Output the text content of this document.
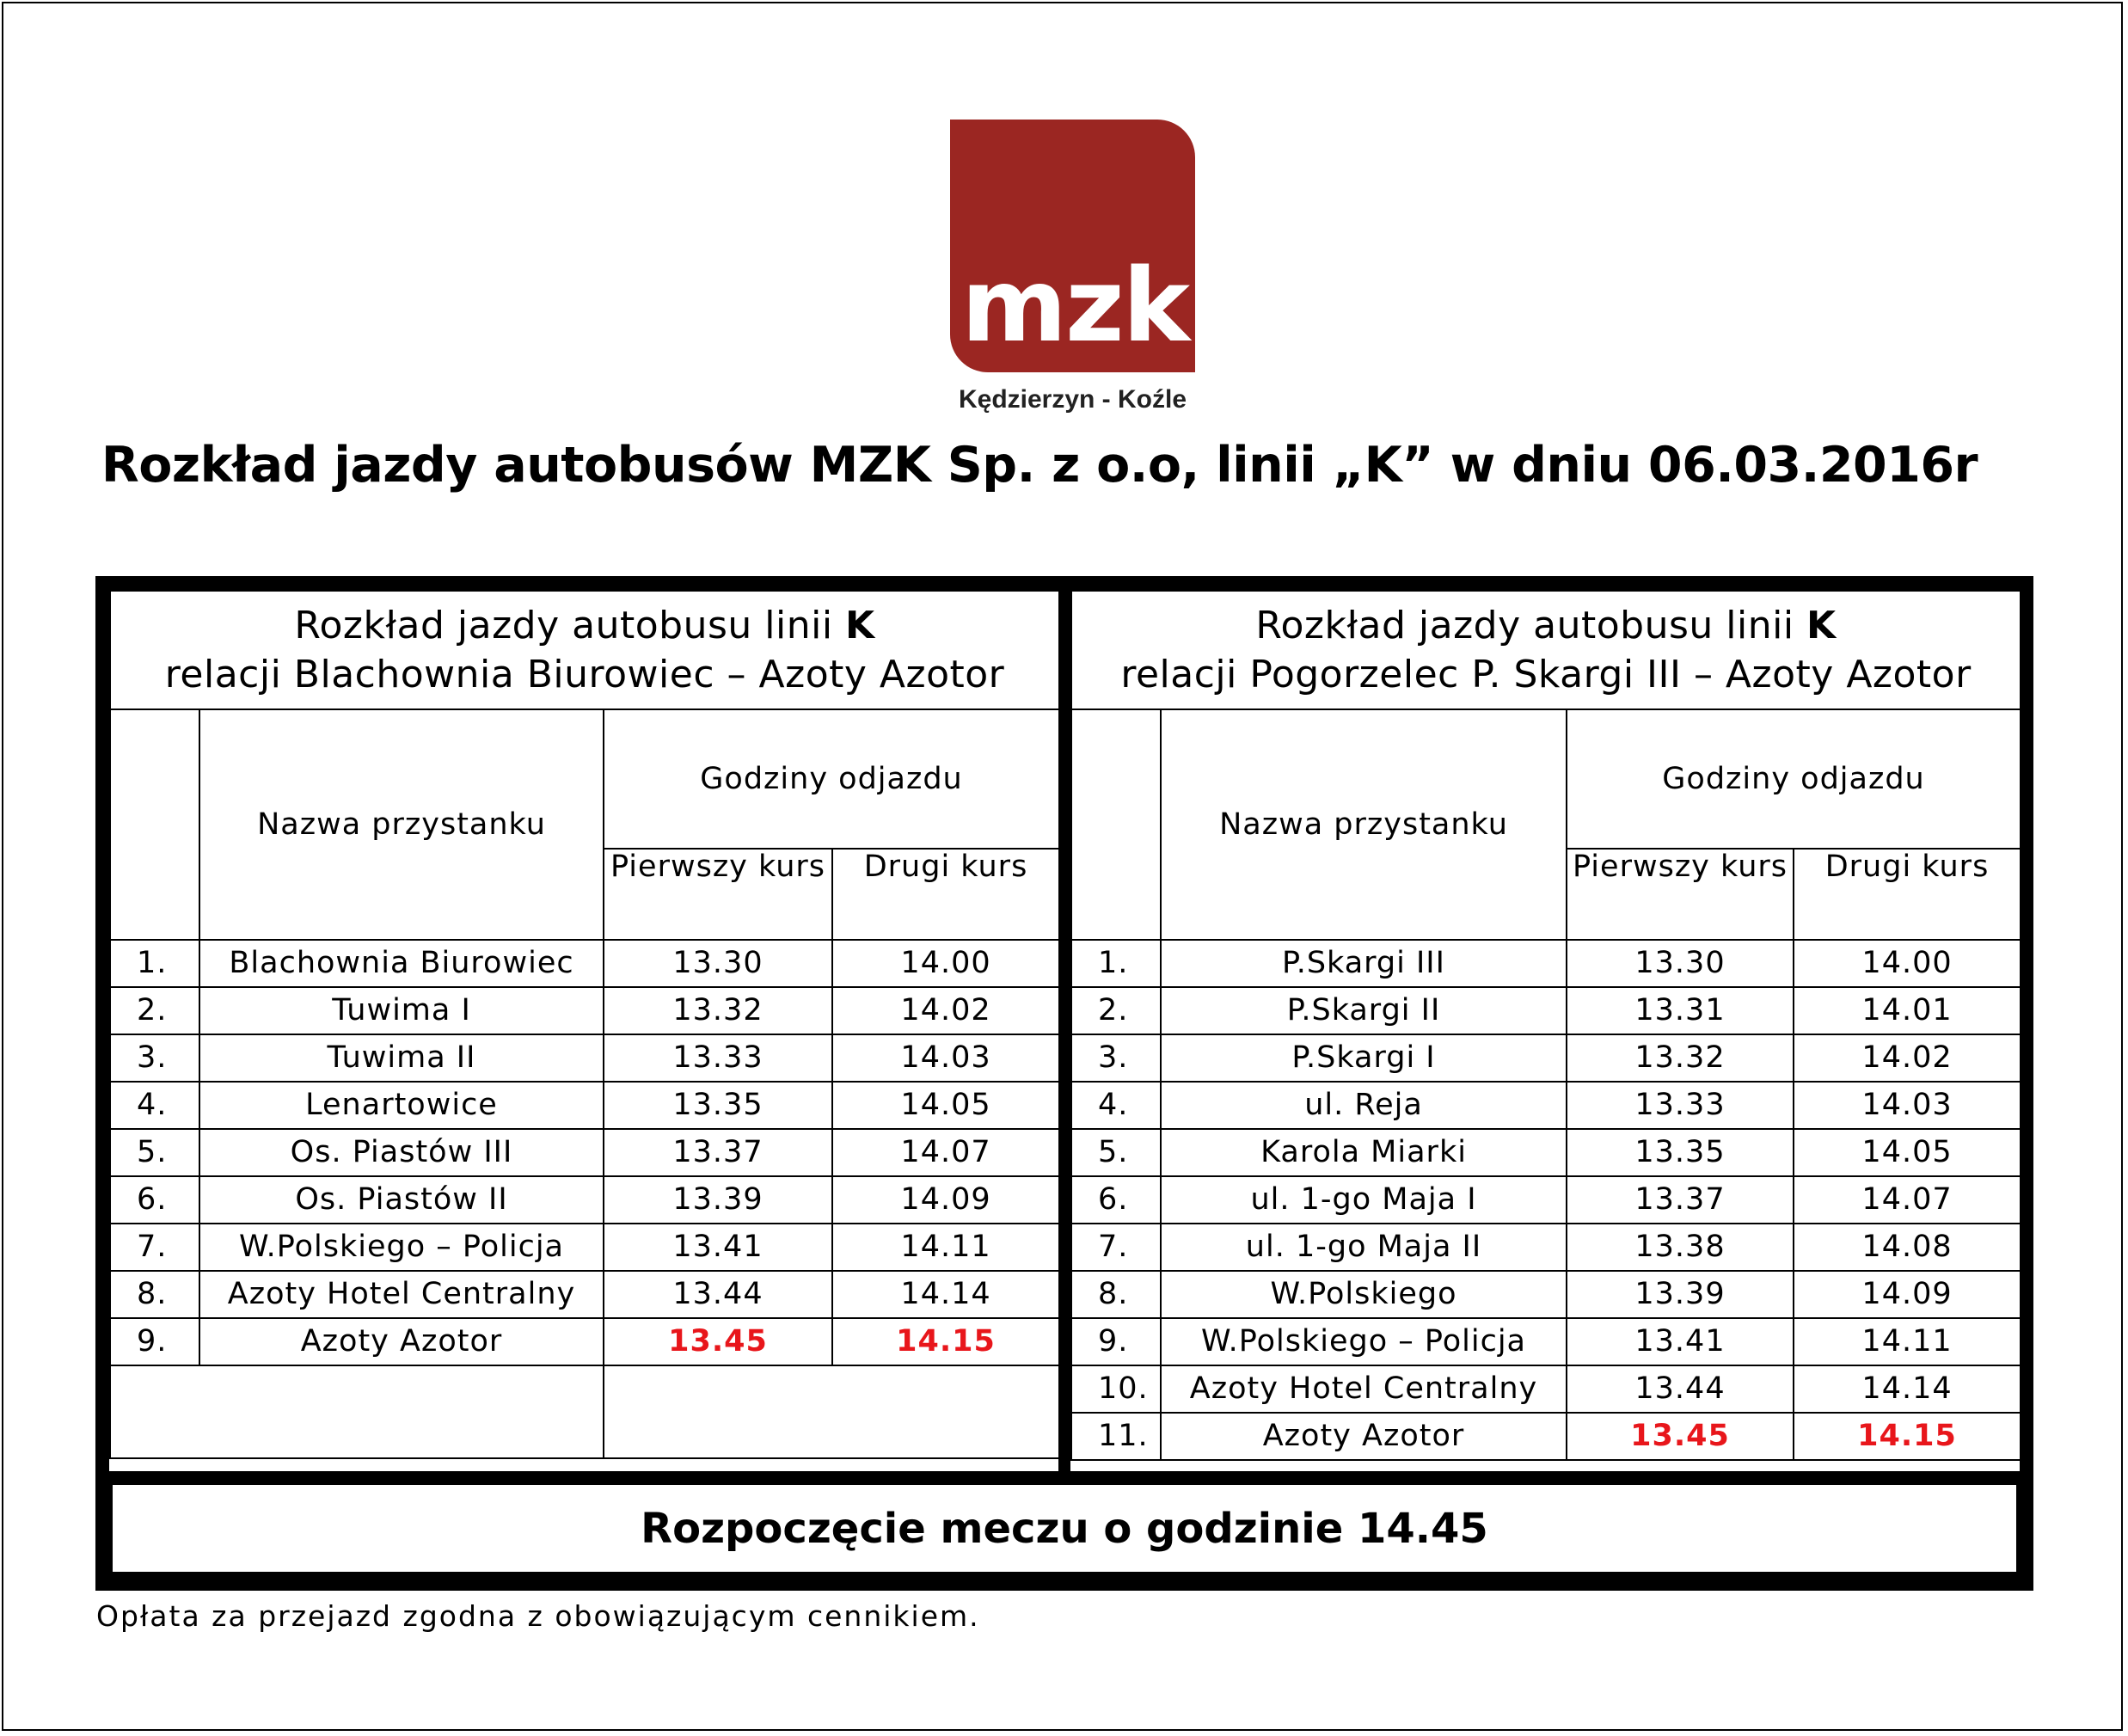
mzk
Kędzierzyn - Koźle
Rozkład jazdy autobusów MZK Sp. z o.o, linii „K” w dniu 06.03.2016r
Rozkład jazdy autobusu linii K
relacji Blachownia Biurowiec – Azoty Azotor			
	Nazwa przystanku	Godziny odjazdu	
		Pierwszy kurs	Drugi kurs
1.	Blachownia Biurowiec	13.30	14.00
2.	Tuwima I	13.32	14.02
3.	Tuwima II	13.33	14.03
4.	Lenartowice	13.35	14.05
5.	Os. Piastów III	13.37	14.07
6.	Os. Piastów II	13.39	14.09
7.	W.Polskiego – Policja	13.41	14.11
8.	Azoty Hotel Centralny	13.44	14.14
9.	Azoty Azotor	13.45	14.15

Rozkład jazdy autobusu linii K
relacji Pogorzelec P. Skargi III – Azoty Azotor			
	Nazwa przystanku	Godziny odjazdu	
		Pierwszy kurs	Drugi kurs
1.	P.Skargi III	13.30	14.00
2.	P.Skargi II	13.31	14.01
3.	P.Skargi I	13.32	14.02
4.	ul. Reja	13.33	14.03
5.	Karola Miarki	13.35	14.05
6.	ul. 1-go Maja I	13.37	14.07
7.	ul. 1-go Maja II	13.38	14.08
8.	W.Polskiego	13.39	14.09
9.	W.Polskiego – Policja	13.41	14.11
10.	Azoty Hotel Centralny	13.44	14.14
11.	Azoty Azotor	13.45	14.15
Rozpoczęcie meczu o godzinie 14.45
Opłata za przejazd zgodna z obowiązującym cennikiem.
